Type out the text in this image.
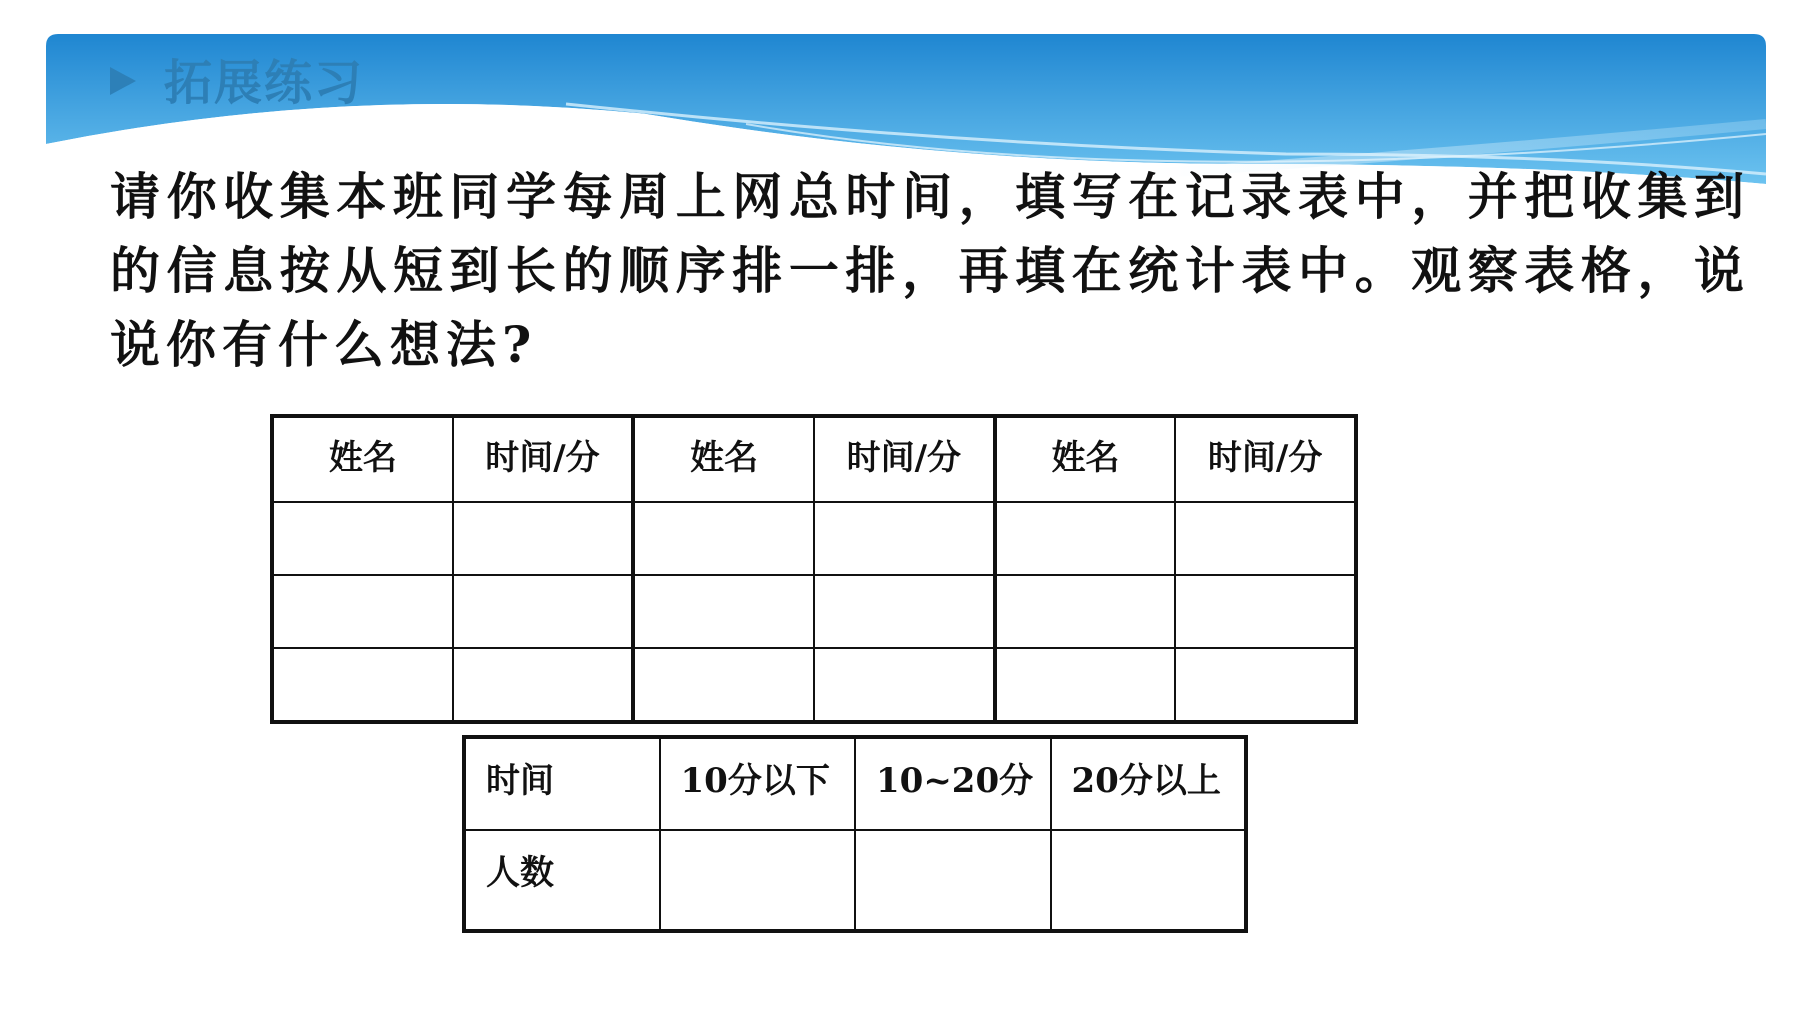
拓展练习
请你收集本班同学每周上网总时间，填写在记录表中，并把收集到的信息按从短到长的顺序排一排，再填在统计表中。观察表格，说说你有什么想法?
姓名	时间/分	姓名	时间/分	姓名	时间/分

时间	10分以下	10~20分	20分以上
人数			
